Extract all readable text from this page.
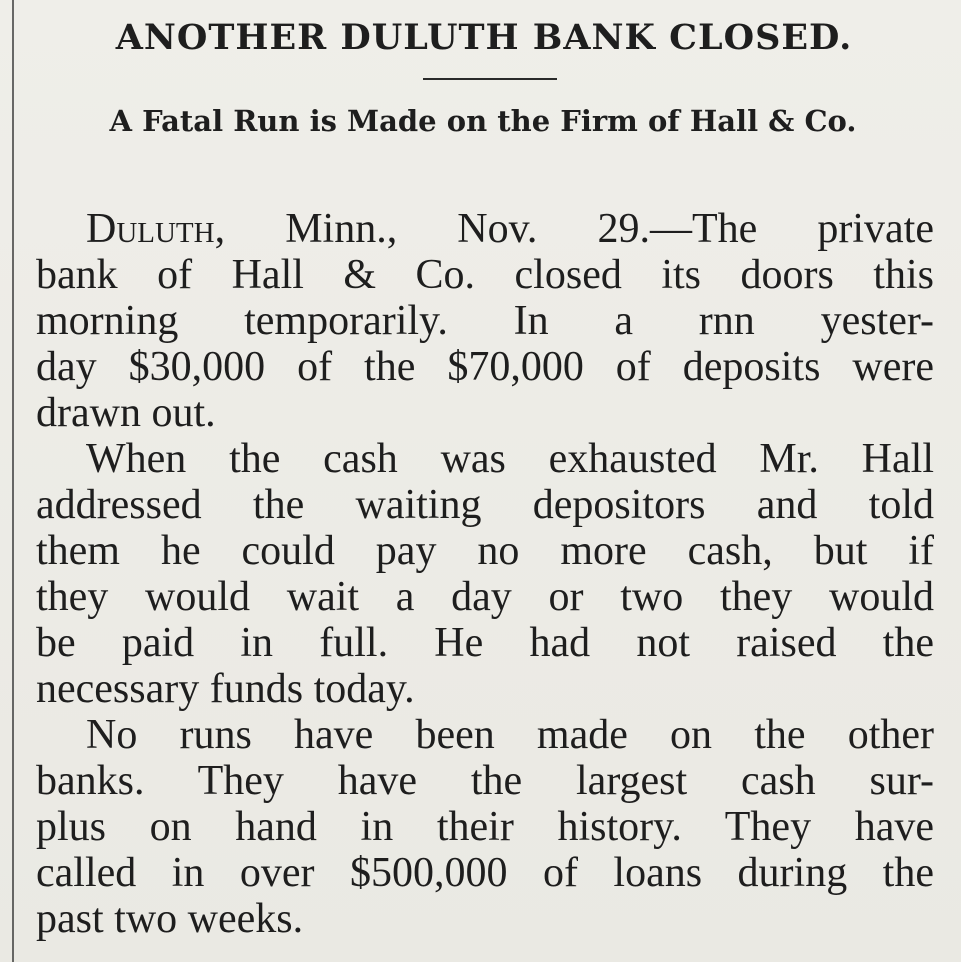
ANOTHER DULUTH BANK CLOSED.
A Fatal Run is Made on the Firm of Hall & Co.

Duluth, Minn., Nov. 29.—The private
bank of Hall & Co. closed its doors this
morning temporarily. In a rnn yester-
day $30,000 of the $70,000 of deposits were
drawn out.

When the cash was exhausted Mr. Hall
addressed the waiting depositors and told
them he could pay no more cash, but if
they would wait a day or two they would
be paid in full. He had not raised the
necessary funds today.

No runs have been made on the other
banks. They have the largest cash sur-
plus on hand in their history. They have
called in over $500,000 of loans during the
past two weeks.
